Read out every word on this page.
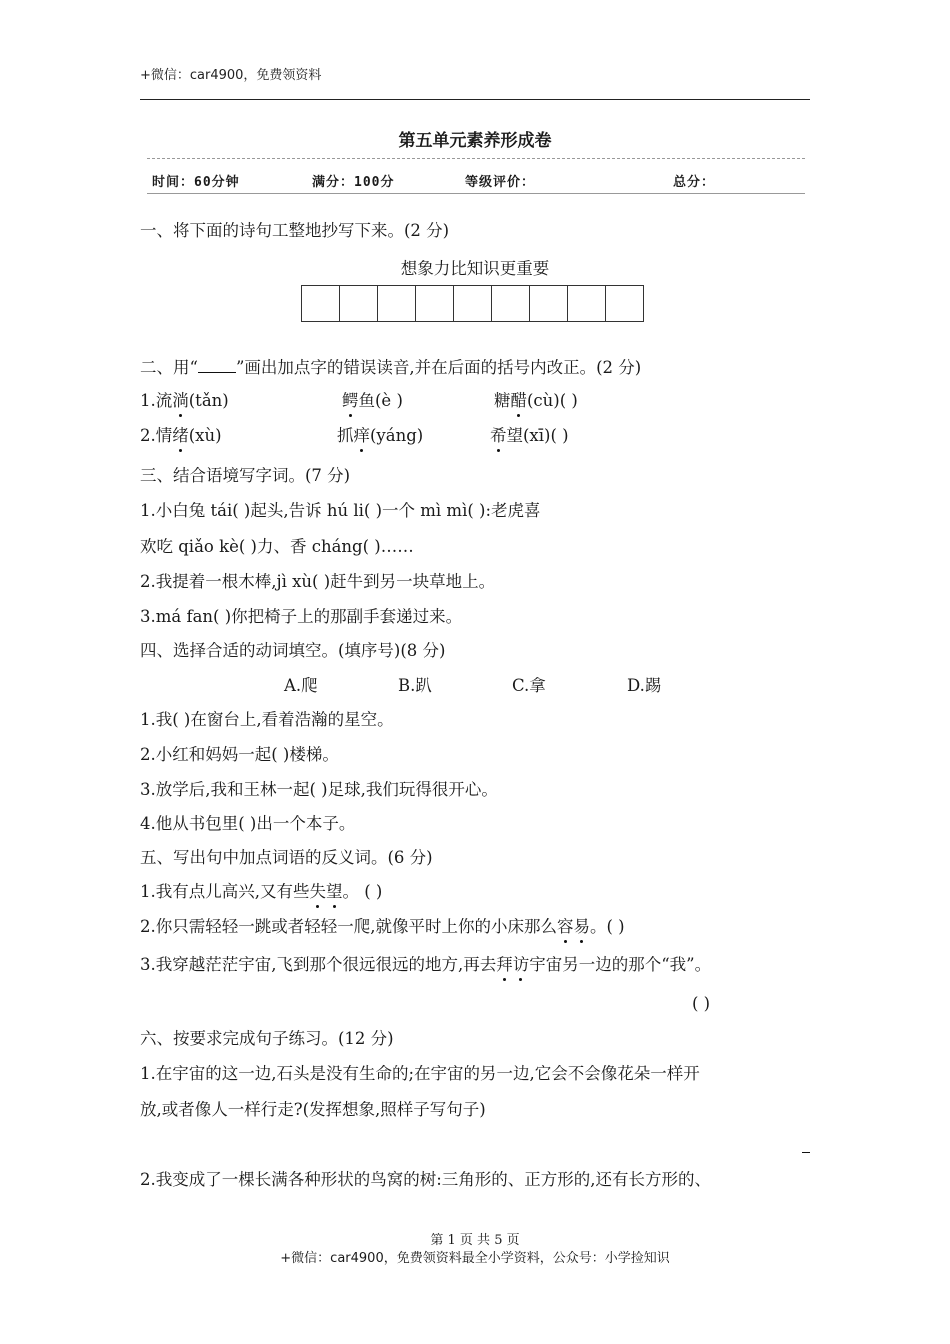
+微信：car4900，免费领资料
第五单元素养形成卷
时间：60分钟	满分：100分	等级评价：	总分：
一、将下面的诗句工整地抄写下来。(2 分)
想象力比知识更重要
二、用“ ”画出加点字的错误读音,并在后面的括号内改正。(2 分)
1.流淌(tǎn)	鳄鱼(è )	糖醋(cù)( )
2.情绪(xù)	抓痒(yáng)	希望(xī)( )
三、结合语境写字词。(7 分)
1.小白兔 tái( )起头,告诉 hú li( )一个 mì mì( ):老虎喜
欢吃 qiǎo kè( )力、香 cháng( )……
2.我提着一根木棒,jì xù( )赶牛到另一块草地上。
3.má fan( )你把椅子上的那副手套递过来。
四、选择合适的动词填空。(填序号)(8 分)
A.爬	B.趴	C.拿	D.踢
1.我( )在窗台上,看着浩瀚的星空。
2.小红和妈妈一起( )楼梯。
3.放学后,我和王林一起( )足球,我们玩得很开心。
4.他从书包里( )出一个本子。
五、写出句中加点词语的反义词。(6 分)
1.我有点儿高兴,又有些失望。 ( )
2.你只需轻轻一跳或者轻轻一爬,就像平时上你的小床那么容易。( )
3.我穿越茫茫宇宙,飞到那个很远很远的地方,再去拜访宇宙另一边的那个“我”。
( )
六、按要求完成句子练习。(12 分)
1.在宇宙的这一边,石头是没有生命的;在宇宙的另一边,它会不会像花朵一样开
放,或者像人一样行走?(发挥想象,照样子写句子)
2.我变成了一棵长满各种形状的鸟窝的树:三角形的、正方形的,还有长方形的、
第 1 页 共 5 页
+微信：car4900，免费领资料最全小学资料，公众号：小学捡知识
